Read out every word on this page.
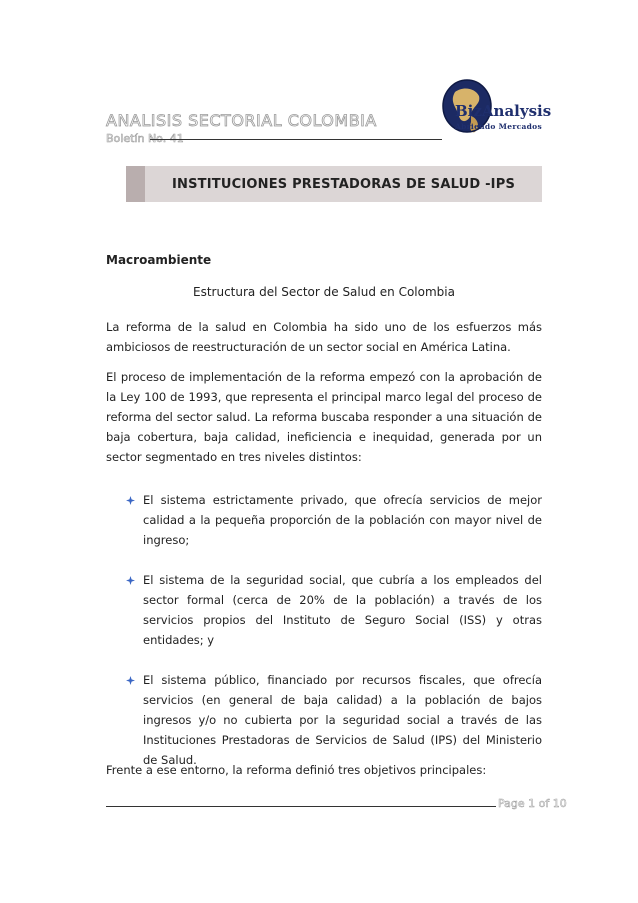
ANALISIS SECTORIAL COLOMBIA
Boletín No. 41
BizAnalysis
Abriendo Mercados
INSTITUCIONES PRESTADORAS DE SALUD -IPS
Macroambiente
Estructura del Sector de Salud en Colombia

La reforma de la salud en Colombia ha sido uno de los esfuerzos más ambiciosos de reestructuración de un sector social en América Latina.

El proceso de implementación de la reforma empezó con la aprobación de la Ley 100 de 1993, que representa el principal marco legal del proceso de reforma del sector salud. La reforma buscaba responder a una situación de baja cobertura, baja calidad, ineficiencia e inequidad, generada por un sector segmentado en tres niveles distintos:

El sistema estrictamente privado, que ofrecía servicios de mejor calidad a la pequeña proporción de la población con mayor nivel de ingreso;
El sistema de la seguridad social, que cubría a los empleados del sector formal (cerca de 20% de la población) a través de los servicios propios del Instituto de Seguro Social (ISS) y otras entidades; y
El sistema público, financiado por recursos fiscales, que ofrecía servicios (en general de baja calidad) a la población de bajos ingresos y/o no cubierta por la seguridad social a través de las Instituciones Prestadoras de Servicios de Salud (IPS) del Ministerio de Salud.

Frente a ese entorno, la reforma definió tres objetivos principales:

Page 1 of 10
